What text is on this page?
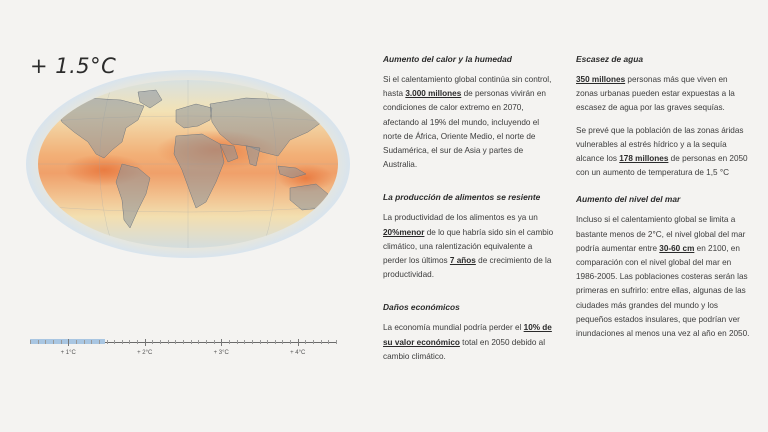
+ 1.5°C
+ 1°C	+ 2°C	+ 3°C	+ 4°C
Aumento del calor y la humedad

Si el calentamiento global continúa sin control, hasta 3.000 millones de personas vivirán en condiciones de calor extremo en 2070, afectando al 19% del mundo, incluyendo el norte de África, Oriente Medio, el norte de Sudamérica, el sur de Asia y partes de Australia.

La producción de alimentos se resiente

La productividad de los alimentos es ya un 20%menor de lo que habría sido sin el cambio climático, una ralentización equivalente a perder los últimos 7 años de crecimiento de la productividad.

Daños económicos

La economía mundial podría perder el 10% de su valor económico total en 2050 debido al cambio climático.

Escasez de agua

350 millones personas más que viven en zonas urbanas pueden estar expuestas a la escasez de agua por las graves sequías.

Se prevé que la población de las zonas áridas vulnerables al estrés hídrico y a la sequía alcance los 178 millones de personas en 2050 con un aumento de temperatura de 1,5 °C

Aumento del nivel del mar

Incluso si el calentamiento global se limita a bastante menos de 2°C, el nivel global del mar podría aumentar entre 30-60 cm en 2100, en comparación con el nivel global del mar en 1986-2005. Las poblaciones costeras serán las primeras en sufrirlo: entre ellas, algunas de las ciudades más grandes del mundo y los pequeños estados insulares, que podrían ver inundaciones al menos una vez al año en 2050.
